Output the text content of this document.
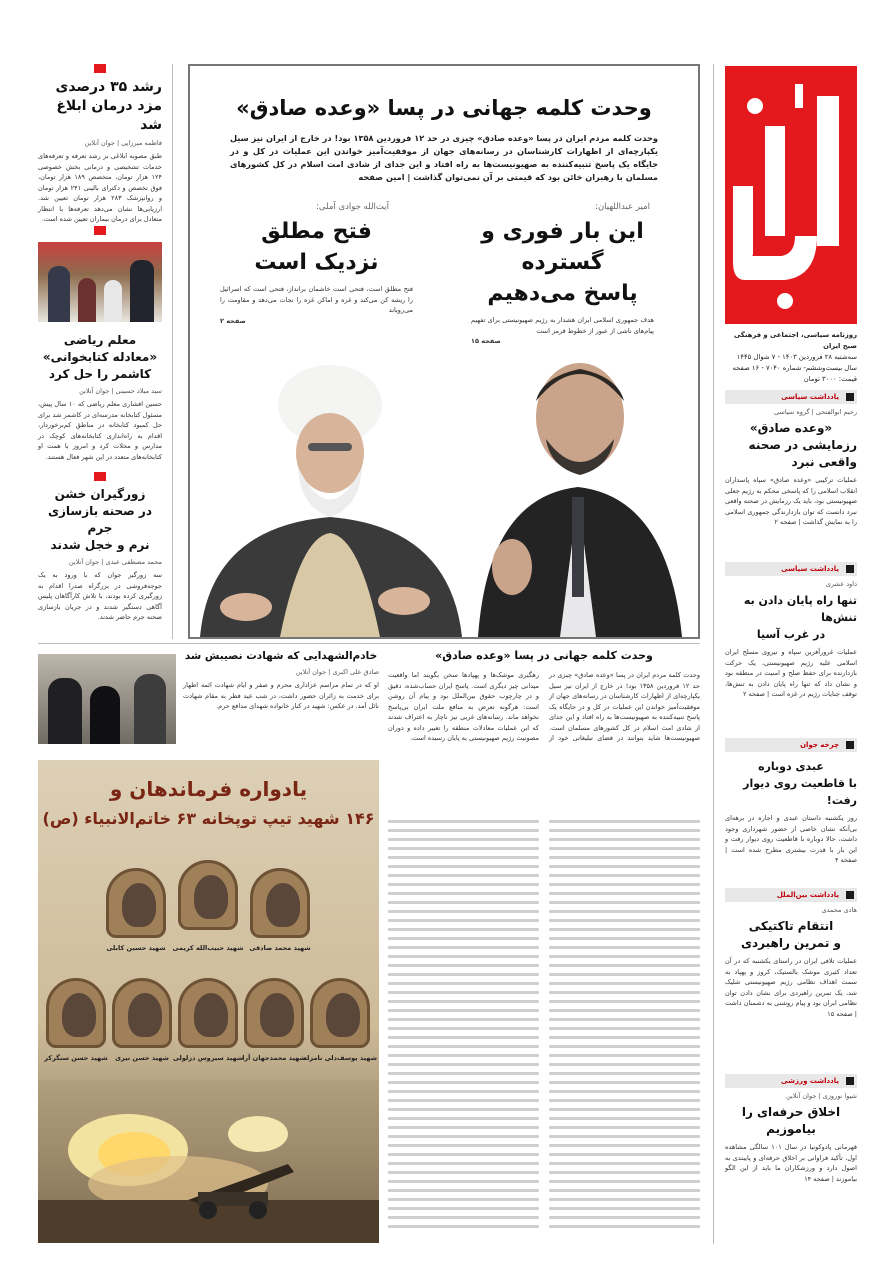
روزنامه سیاسی، اجتماعی و فرهنگی صبح ایران
سه‌شنبه ۲۸ فروردین ۱۴۰۳ - ۷ شوال ۱۴۴۵
سال بیست‌وششم- شماره ۷۰۴۰ - ۱۶ صفحه
قیمت: ۳۰۰۰ تومان
یادداشت سیاسی
رحیم ابوالفتحی | گروه سیاسی
«وعده صادق»
رزمایشی در صحنه واقعی نبرد
عملیات ترکیبی «وعده صادق» سپاه پاسداران انقلاب اسلامی را که پاسخی محکم به رژیم جعلی صهیونیستی بود، باید یک رزمایش در صحنه واقعی نبرد دانست که توان بازدارندگی جمهوری اسلامی را به نمایش گذاشت | صفحه ۲
یادداشت سیاسی
داود عشری
تنها راه پایان دادن به تنش‌ها
در غرب آسیا
عملیات غرور‌آفرین سپاه و نیروی مسلح ایران اسلامی علیه رژیم صهیونیستی، یک حرکت بازدارنده برای حفظ صلح و امنیت در منطقه بود و نشان داد که تنها راه پایان دادن به تنش‌ها، توقف جنایات رژیم در غزه است | صفحه ۲
چرخه جوان
عبدی دوباره
با قاطعیت روی دیوار رفت!
روز یکشنبه داستان عبدی و اجاره در برهه‌ای بی‌آنکه نشان خاصی از حضور شهرداری وجود داشت، حالا دوباره با قاطعیت روی دیوار رفت و این بار با قدرت بیشتری مطرح شده است | صفحه ۴
یادداشت بین‌الملل
هادی محمدی
انتقام تاکتیکی
و تمرین راهبردی
عملیات تلافی ایران در راستای یکشنبه که در آن تعداد کثیری موشک بالستیک، کروز و پهپاد به سمت اهداف نظامی رژیم صهیونیستی شلیک شد، یک تمرین راهبردی برای نشان دادن توان نظامی ایران بود و پیام روشنی به دشمنان داشت | صفحه ۱۵
یادداشت ورزشی
شیوا نوروزی | جوان آنلاین
اخلاق حرفه‌ای را
بیاموزیم
قهرمانی پادوکونیا در سال ۱۰۱ سالگی مشاهده اول، تأکید فراوانی بر اخلاق حرفه‌ای و پایبندی به اصول دارد و ورزشکاران ما باید از این الگو بیاموزند | صفحه ۱۴
وحدت کلمه جهانی در پسا «وعده صادق»
وحدت کلمه مردم ایران در پسا «وعده صادق» چیزی در حد ۱۲ فروردین ۱۳۵۸ بود! در خارج از ایران نیز سیل یکپارچه‌ای از اظهارات کارشناسان در رسانه‌های جهان از موفقیت‌آمیز خواندن این عملیات در کل و در جایگاه یک پاسخ تنبیه‌کننده به صهیونیست‌ها به راه افتاد و این جدای از شادی امت اسلام در کل کشورهای مسلمان با رهبران خائن بود که قیمتی بر آن نمی‌توان گذاشت | امین صفحه
امیر عبداللهیان:
این بار فوری و گسترده
پاسخ می‌دهیم
هدف جمهوری اسلامی ایران هشدار به رژیم صهیونیستی برای تفهیم پیام‌های ناشی از عبور از خطوط قرمز است
صفحه ۱۵
آیت‌الله جوادی آملی:
فتح مطلق
نزدیک است
فتح مطلق است، فتحی است خاشمان برانداز، فتحی است که اسرائیل را ریشه کن می‌کند و غزه و اماکن غزه را نجات می‌دهد و مقاومت را می‌رویاند
صفحه ۲
رشد ۳۵ درصدی مزد درمان ابلاغ شد
فاطمه میرزایی | جوان آنلاین
طبق مصوبه ابلاغی بر رشد تعرفه و تعرفه‌های خدمات تشخیصی و درمانی بخش خصوصی ۱۲۴ هزار تومان، متخصص ۱۸۹ هزار تومان، فوق تخصص و دکترای بالینی ۲۴۱ هزار تومان و روانپزشک ۲۸۳ هزار تومان تعیین شد. ارزیابی‌ها نشان می‌دهد تعرفه‌ها با انتظار متعادل برای درمان بیماران تعیین شده است.
معلم ریاضی
«معادله کتابخوانی»
کاشمر را حل کرد
سید میلاد حسینی | جوان آنلاین
حسین افشاری معلم ریاضی که ۱۰ سال پیش، مسئول کتابخانه مدرسه‌ای در کاشمر شد برای حل کمبود کتابخانه در مناطق کم‌برخوردار، اقدام به راه‌اندازی کتابخانه‌های کوچک در مدارس و محلات کرد و امروز با همت او کتابخانه‌های متعدد در این شهر فعال هستند.
زورگیران خشن
در صحنه بازسازی جرم
نرم و خجل شدند
محمد مصطفی عبدی | جوان آنلاین
سه زورگیر جوان که با ورود به یک جوجه‌فروشی در بزرگراه صدرا اقدام به زورگیری کرده بودند، با تلاش کارآگاهان پلیس آگاهی دستگیر شدند و در جریان بازسازی صحنه جرم حاضر شدند.
خادم‌الشهدایی که شهادت نصیبش شد
صادق علی اکبری | جوان آنلاین
او که در تمام مراسم عزاداری محرم و صفر و ایام شهادت ائمه اطهار برای خدمت به زائران حضور داشت، در شب عید فطر به مقام شهادت نائل آمد. در عکس: شهید در کنار خانواده شهدای مدافع حرم.
وحدت کلمه جهانی در پسا «وعده صادق»
وحدت کلمه مردم ایران در پسا «وعده صادق» چیزی در حد ۱۲ فروردین ۱۳۵۸ بود! در خارج از ایران نیز سیل یکپارچه‌ای از اظهارات کارشناسان در رسانه‌های جهان از موفقیت‌آمیز خواندن این عملیات در کل و در جایگاه یک پاسخ تنبیه‌کننده به صهیونیست‌ها به راه افتاد و این جدای از شادی امت اسلام در کل کشورهای مسلمان است. صهیونیست‌ها شاید بتوانند در فضای تبلیغاتی خود از رهگیری موشک‌ها و پهپادها سخن بگویند اما واقعیت میدانی چیز دیگری است. پاسخ ایران حساب‌شده، دقیق و در چارچوب حقوق بین‌الملل بود و پیام آن روشن است: هرگونه تعرض به منافع ملت ایران بی‌پاسخ نخواهد ماند. رسانه‌های غربی نیز ناچار به اعتراف شدند که این عملیات معادلات منطقه را تغییر داده و دوران مصونیت رژیم صهیونیستی به پایان رسیده است.
یادواره فرماندهان و
۱۴۶ شهید تیپ توپخانه ۶۳ خاتم‌الانبیاء (ص)
شهید حسین کابلی	شهید حبیب‌الله کریمی	شهید محمد صادقی
شهید حسن سنگرکر	شهید حسن نیری	شهید سیروس دزلولی	شهید محمدجهان آرا	شهید یوسف‌دلی نامزله
